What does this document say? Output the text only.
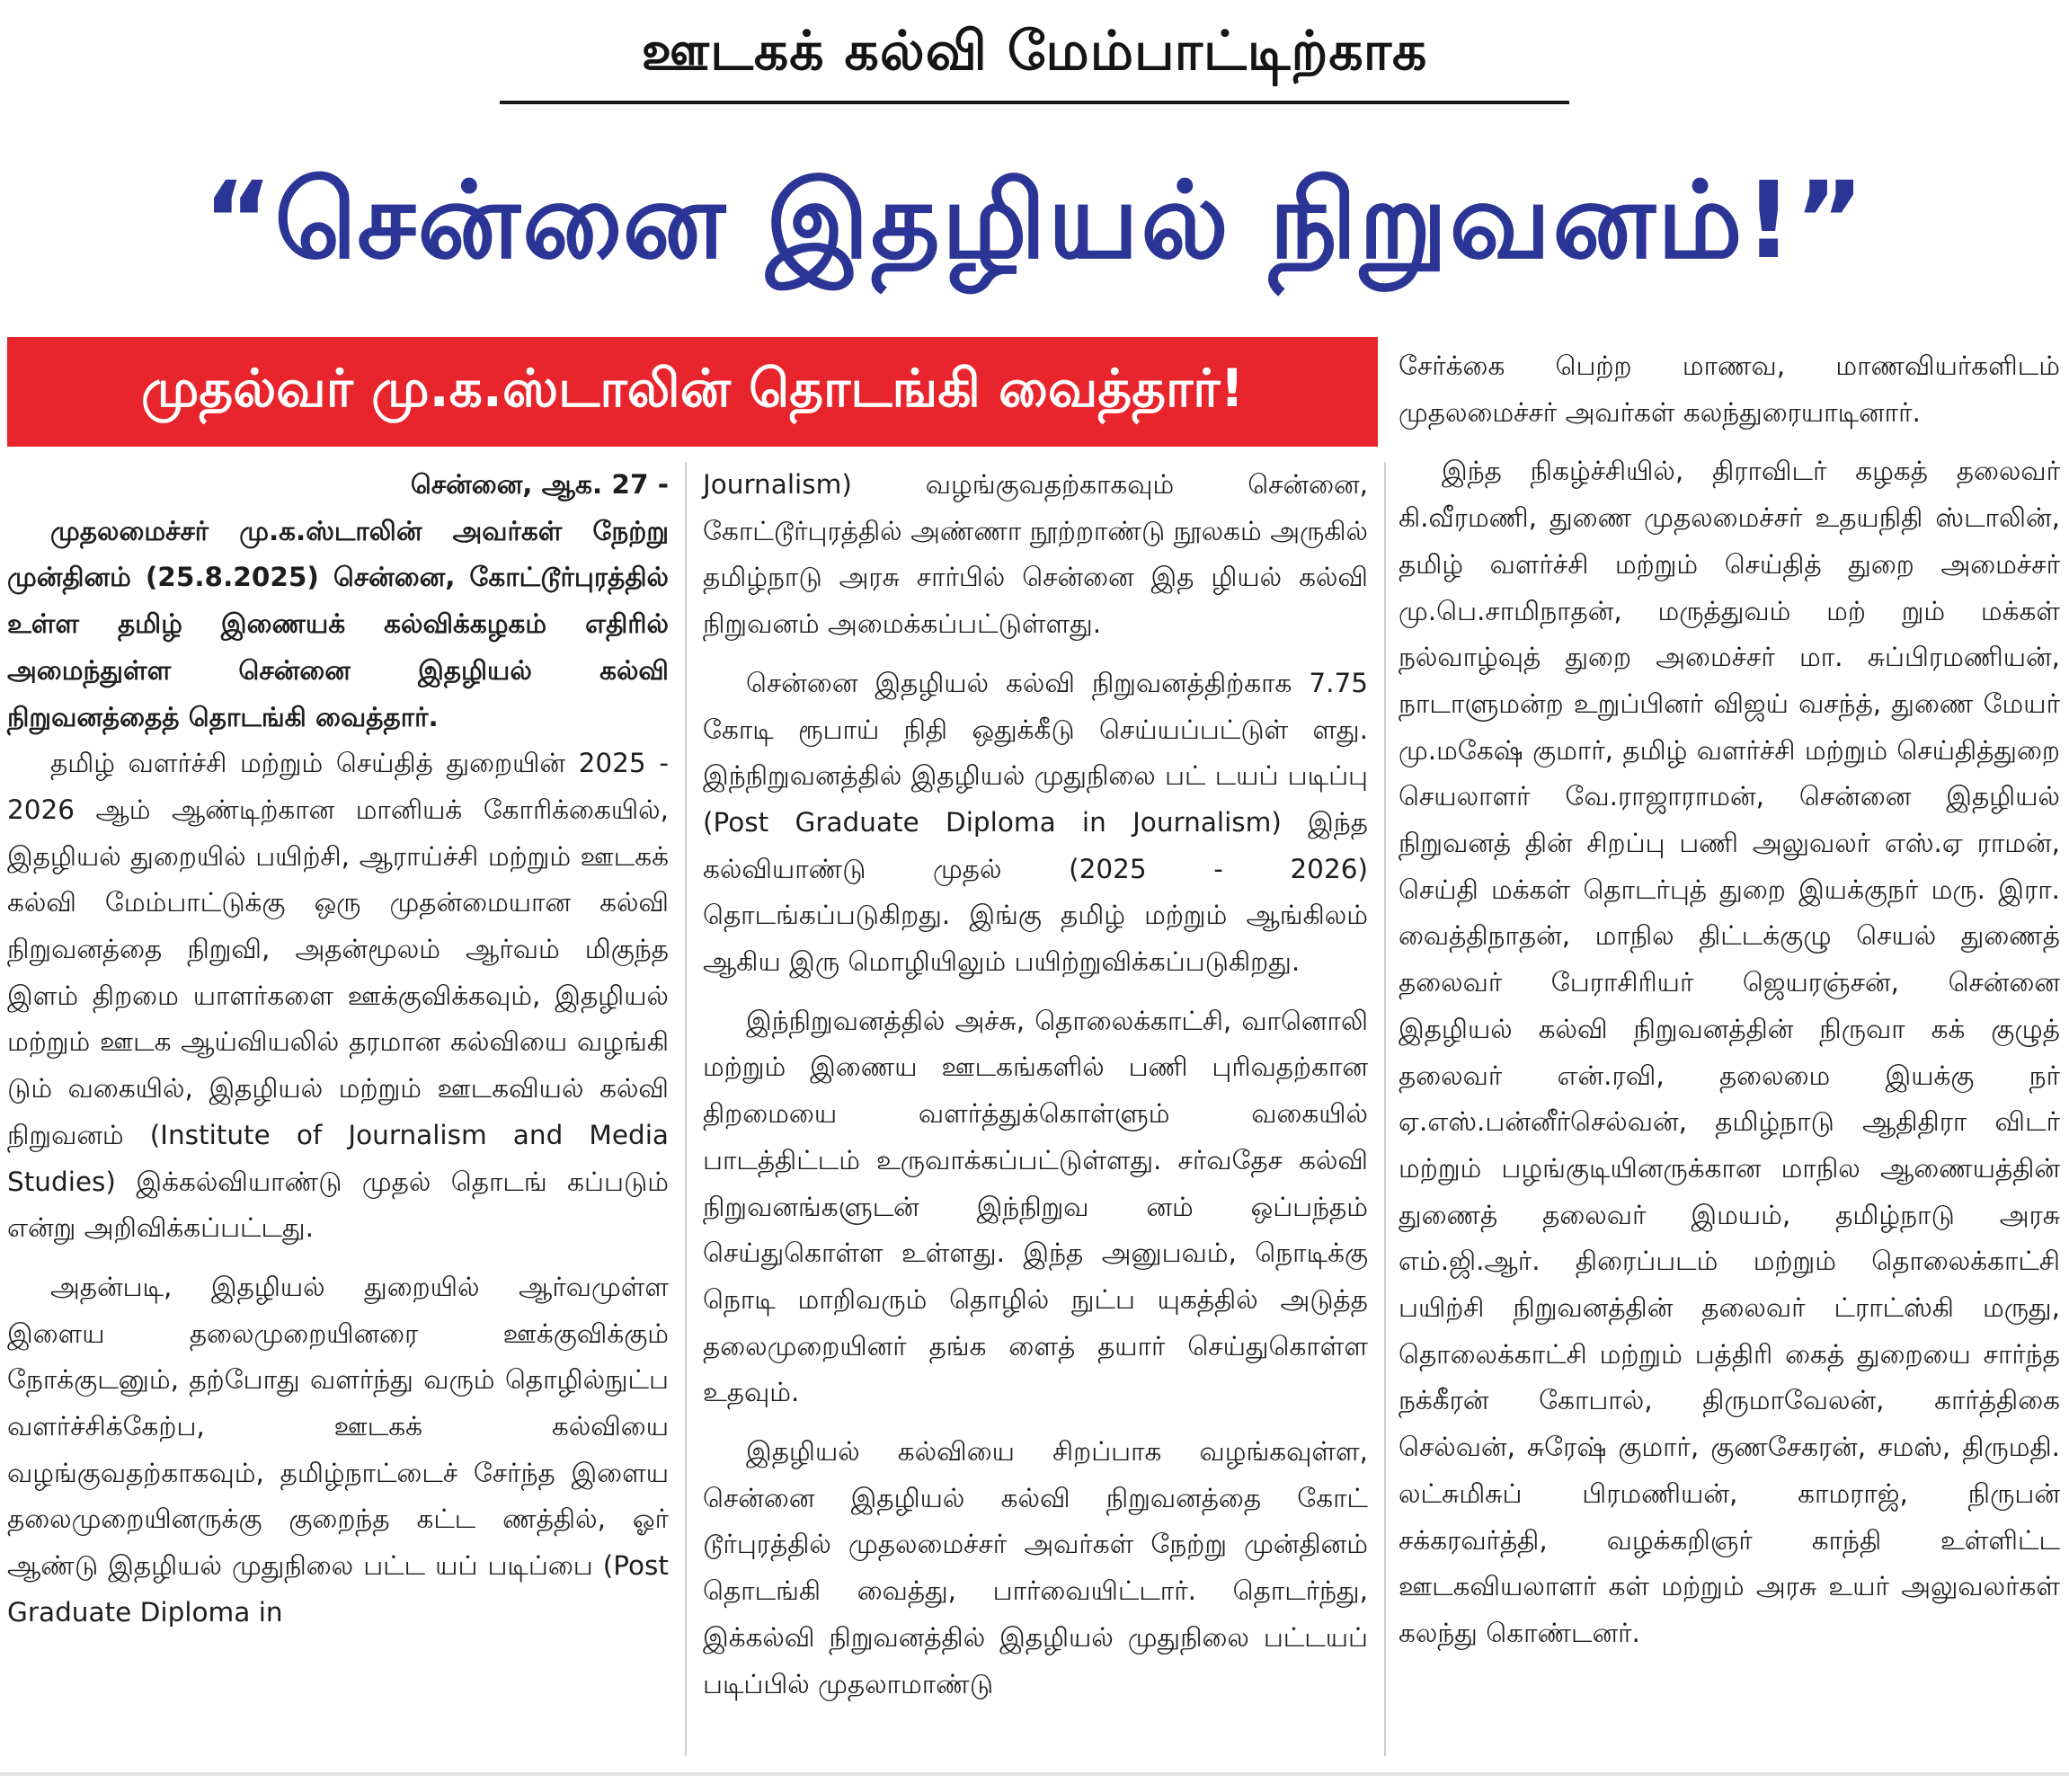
ஊடகக் கல்வி மேம்பாட்டிற்காக
“சென்னை இதழியல் நிறுவனம்!”
முதல்வர் மு.க.ஸ்டாலின் தொடங்கி வைத்தார்!
சென்னை, ஆக. 27 -

முதலமைச்சர் மு.க.ஸ்டாலின் அவர்கள் நேற்று முன்தினம் (25.8.2025) சென்னை, கோட்டூர்புரத்தில் உள்ள தமிழ் இணையக் கல்விக்கழகம் எதிரில் அமைந்துள்ள சென்னை இதழியல் கல்வி நிறுவனத்தைத் தொடங்கி வைத்தார்.

தமிழ் வளர்ச்சி மற்றும் செய்தித் துறையின் 2025 - 2026 ஆம் ஆண்டிற்கான மானியக் கோரிக்கையில், இதழியல் துறையில் பயிற்சி, ஆராய்ச்சி மற்றும் ஊடகக் கல்வி மேம்பாட்டுக்கு ஒரு முதன்மையான கல்வி நிறுவனத்தை நிறுவி, அதன்மூலம் ஆர்வம் மிகுந்த இளம் திறமை யாளர்களை ஊக்குவிக்கவும், இதழியல் மற்றும் ஊடக ஆய்வியலில் தரமான கல்வியை வழங்கி டும் வகையில், இதழியல் மற்றும் ஊடகவியல் கல்வி நிறுவனம் (Institute of Journalism and Media Studies) இக்கல்வியாண்டு முதல் தொடங் கப்படும் என்று அறிவிக்கப்பட்டது.

அதன்படி, இதழியல் துறையில் ஆர்வமுள்ள இளைய தலைமுறையினரை ஊக்குவிக்கும் நோக்குடனும், தற்போது வளர்ந்து வரும் தொழில்நுட்ப வளர்ச்சிக்கேற்ப, ஊடகக் கல்வியை வழங்குவதற்காகவும், தமிழ்நாட்டைச் சேர்ந்த இளைய தலைமுறையினருக்கு குறைந்த கட்ட ணத்தில், ஓர் ஆண்டு இதழியல் முதுநிலை பட்ட யப் படிப்பை (Post Graduate Diploma in

Journalism) வழங்குவதற்காகவும் சென்னை, கோட்டூர்புரத்தில் அண்ணா நூற்றாண்டு நூலகம் அருகில் தமிழ்நாடு அரசு சார்பில் சென்னை இத ழியல் கல்வி நிறுவனம் அமைக்கப்பட்டுள்ளது.

சென்னை இதழியல் கல்வி நிறுவனத்திற்காக 7.75 கோடி ரூபாய் நிதி ஒதுக்கீடு செய்யப்பட்டுள் ளது. இந்நிறுவனத்தில் இதழியல் முதுநிலை பட் டயப் படிப்பு (Post Graduate Diploma in Journalism) இந்த கல்வியாண்டு முதல் (2025 - 2026) தொடங்கப்படுகிறது. இங்கு தமிழ் மற்றும் ஆங்கிலம் ஆகிய இரு மொழியிலும் பயிற்றுவிக்கப்படுகிறது.

இந்நிறுவனத்தில் அச்சு, தொலைக்காட்சி, வானொலி மற்றும் இணைய ஊடகங்களில் பணி புரிவதற்கான திறமையை வளர்த்துக்கொள்ளும் வகையில் பாடத்திட்டம் உருவாக்கப்பட்டுள்ளது. சர்வதேச கல்வி நிறுவனங்களுடன் இந்நிறுவ னம் ஒப்பந்தம் செய்துகொள்ள உள்ளது. இந்த அனுபவம், நொடிக்கு நொடி மாறிவரும் தொழில் நுட்ப யுகத்தில் அடுத்த தலைமுறையினர் தங்க ளைத் தயார் செய்துகொள்ள உதவும்.

இதழியல் கல்வியை சிறப்பாக வழங்கவுள்ள, சென்னை இதழியல் கல்வி நிறுவனத்தை கோட் டூர்புரத்தில் முதலமைச்சர் அவர்கள் நேற்று முன்தினம் தொடங்கி வைத்து, பார்வையிட்டார். தொடர்ந்து, இக்கல்வி நிறுவனத்தில் இதழியல் முதுநிலை பட்டயப் படிப்பில் முதலாமாண்டு

சேர்க்கை பெற்ற மாணவ, மாணவியர்களிடம் முதலமைச்சர் அவர்கள் கலந்துரையாடினார்.

இந்த நிகழ்ச்சியில், திராவிடர் கழகத் தலைவர் கி.வீரமணி, துணை முதலமைச்சர் உதயநிதி ஸ்டாலின், தமிழ் வளர்ச்சி மற்றும் செய்தித் துறை அமைச்சர் மு.பெ.சாமிநாதன், மருத்துவம் மற் றும் மக்கள் நல்வாழ்வுத் துறை அமைச்சர் மா. சுப்பிரமணியன், நாடாளுமன்ற உறுப்பினர் விஜய் வசந்த், துணை மேயர் மு.மகேஷ் குமார், தமிழ் வளர்ச்சி மற்றும் செய்தித்துறை செயலாளர் வே.ராஜாராமன், சென்னை இதழியல் நிறுவனத் தின் சிறப்பு பணி அலுவலர் எஸ்.ஏ ராமன், செய்தி மக்கள் தொடர்புத் துறை இயக்குநர் மரு. இரா. வைத்திநாதன், மாநில திட்டக்குழு செயல் துணைத் தலைவர் பேராசிரியர் ஜெயரஞ்சன், சென்னை இதழியல் கல்வி நிறுவனத்தின் நிருவா கக் குழுத் தலைவர் என்.ரவி, தலைமை இயக்கு நர் ஏ.எஸ்.பன்னீர்செல்வன், தமிழ்நாடு ஆதிதிரா விடர் மற்றும் பழங்குடியினருக்கான மாநில ஆணையத்தின் துணைத் தலைவர் இமயம், தமிழ்நாடு அரசு எம்.ஜி.ஆர். திரைப்படம் மற்றும் தொலைக்காட்சி பயிற்சி நிறுவனத்தின் தலைவர் ட்ராட்ஸ்கி மருது, தொலைக்காட்சி மற்றும் பத்திரி கைத் துறையை சார்ந்த நக்கீரன் கோபால், திருமாவேலன், கார்த்திகை செல்வன், சுரேஷ் குமார், குணசேகரன், சமஸ், திருமதி. லட்சுமிசுப் பிரமணியன், காமராஜ், நிருபன் சக்கரவர்த்தி, வழக்கறிஞர் காந்தி உள்ளிட்ட ஊடகவியலாளர் கள் மற்றும் அரசு உயர் அலுவலர்கள் கலந்து கொண்டனர்.
